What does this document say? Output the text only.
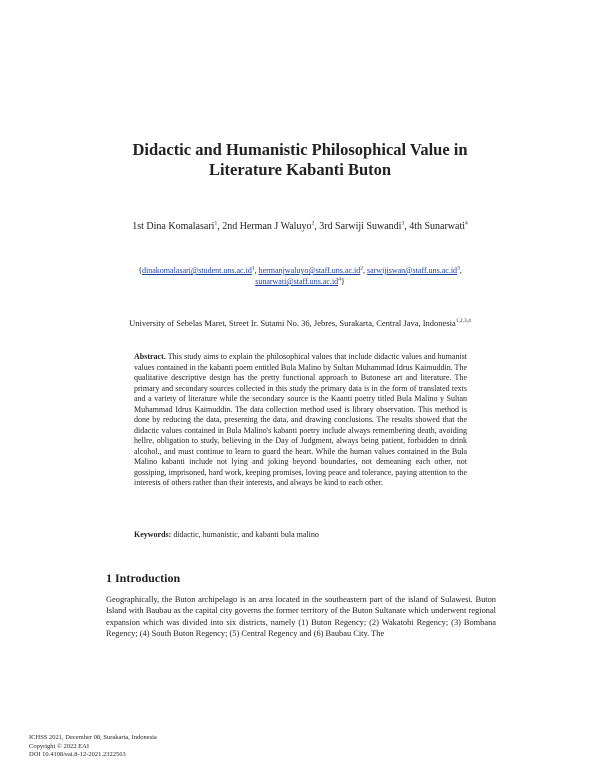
Didactic and Humanistic Philosophical Value in
Literature Kabanti Buton
1st Dina Komalasari$^1$, 2nd Herman J Waluyo$^2$, 3rd Sarwiji Suwandi$^3$, 4th Sunarwati$^4$
{$dinakomalasari@student.uns.ac.id^1$, $hermanjwaluyo@staff.uns.ac.id^2$, $sarwijiswan@staff.uns.ac.id^3$,
$sunarwati@staff.uns.ac.id^4$}
University of Sebelas Maret, Street Ir. Sutami No. 36, Jebres, Surakarta, Central Java, Indonesia$^{1,2,3,4}$
Abstract. This study aims to explain the philosophical values that include didactic values and humanist values contained in the kabanti poem entitled Bula Malino by Sultan Muhammad Idrus Kaimuddin. The qualitative descriptive design has the pretty functional approach to Butonese art and literature. The primary and secondary sources collected in this study the primary data is in the form of translated texts and a variety of literature while the secondary source is the Kaanti poetry titled Bula Malino y Sultan Muhammad Idrus Kaimuddin. The data collection method used is library observation. This method is done by reducing the data, presenting the data, and drawing conclusions. The results showed that the didactic values contained in Bula Malino's kabanti poetry include always remembering death, avoiding hellre, obligation to study, believing in the Day of Judgment, always being patient, forbidden to drink alcohol., and must continue to learn to guard the heart. While the human values contained in the Bula Malino kabanti include not lying and joking beyond boundaries, not demeaning each other, not gossiping, imprisoned, hard work, keeping promises, loving peace and tolerance, paying attention to the interests of others rather than their interests, and always be kind to each other.
Keywords: didactic, humanistic, and kabanti bula malino
1 Introduction
Geographically, the Buton archipelago is an area located in the southeastern part of the island of Sulawesi. Buton Island with Baubau as the capital city governs the former territory of the Buton Sultanate which underwent regional expansion which was divided into six districts, namely (1) Buton Regency; (2) Wakatobi Regency; (3) Bombana Regency; (4) South Buton Regency; (5) Central Regency and (6) Baubau City. The
ICHSS 2021, December 08, Surakarta, Indonesia
Copyright © 2022 EAI
DOI 10.4108/eai.8-12-2021.2322563
